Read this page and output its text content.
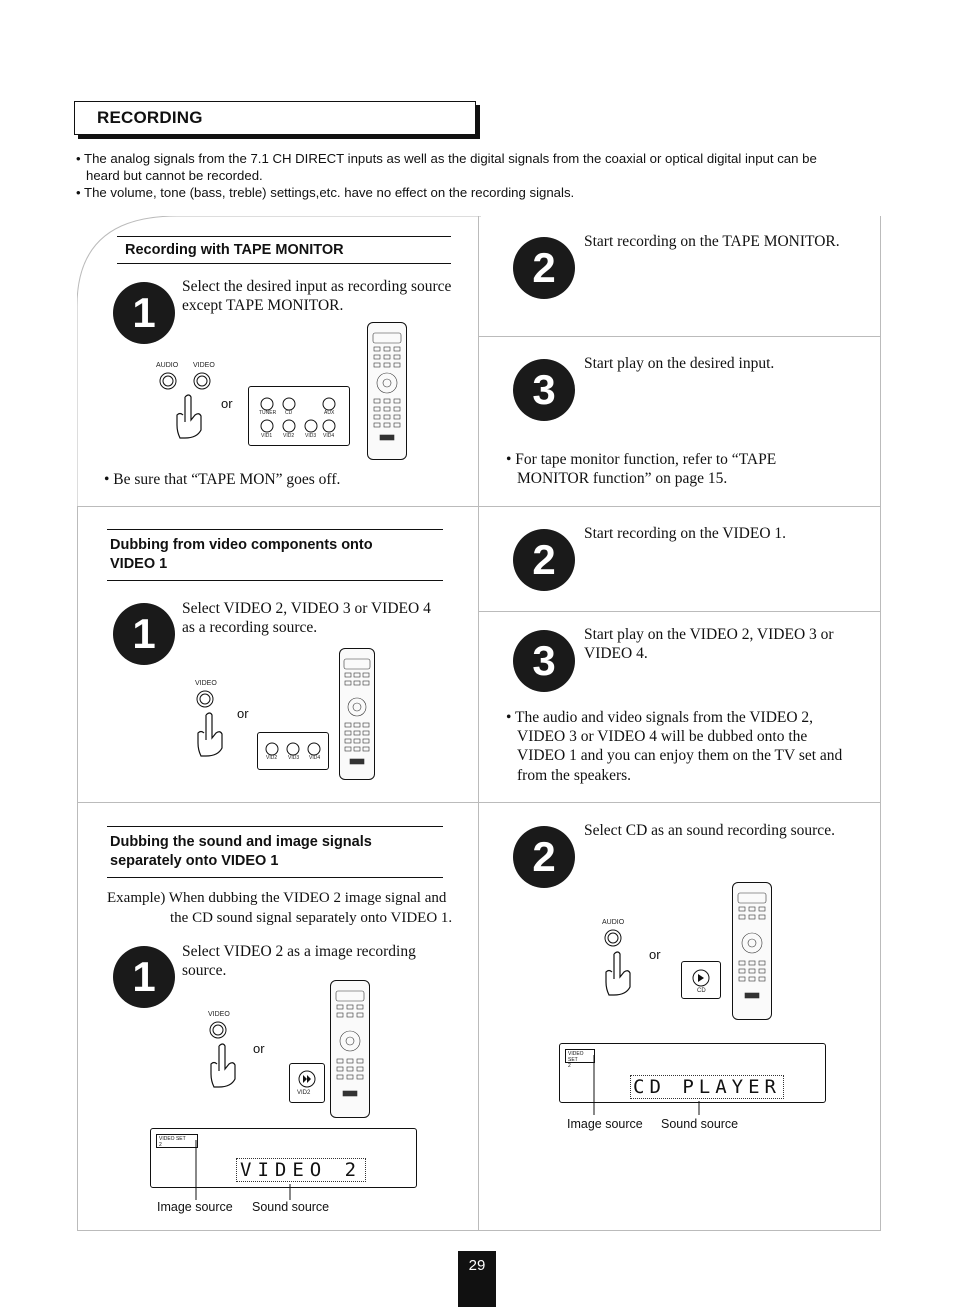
RECORDING
• The analog signals from the 7.1 CH DIRECT inputs as well as the digital signals from the coaxial or optical digital input can be
heard but cannot be recorded.
• The volume, tone (bass, treble) settings,etc. have no effect on the recording signals.
Recording with TAPE MONITOR
1
Select the desired input as recording source
except TAPE MONITOR.
AUDIO VIDEO
or
TUNER CD	AUX
VID1 VID2 VID3 VID4
• Be sure that “TAPE MON” goes off.
2
Start recording on the TAPE MONITOR.
3
Start play on the desired input.
• For tape monitor function, refer to “TAPE
MONITOR function” on page 15.
Dubbing from video components onto
VIDEO 1
1
Select VIDEO 2, VIDEO 3 or VIDEO 4
as a recording source.
VIDEO
or
VID2 VID3 VID4
2
Start recording on the VIDEO 1.
3
Start play on the VIDEO 2, VIDEO 3 or
VIDEO 4.
• The audio and video signals from the VIDEO 2,
VIDEO 3 or VIDEO 4 will be dubbed onto the
VIDEO 1 and you can enjoy them on the TV set and
from the speakers.
Dubbing the sound and image signals
separately onto VIDEO 1
Example) When dubbing the VIDEO 2 image signal and
the CD sound signal separately onto VIDEO 1.
1
Select VIDEO 2 as a image recording
source.
VIDEO
or
VID2
VIDEO SET
2
VIDEO 2
Image source Sound source
2
Select CD as an sound recording source.
AUDIO
or
CD
VIDEO SET
2
CD PLAYER
Image source Sound source
29
